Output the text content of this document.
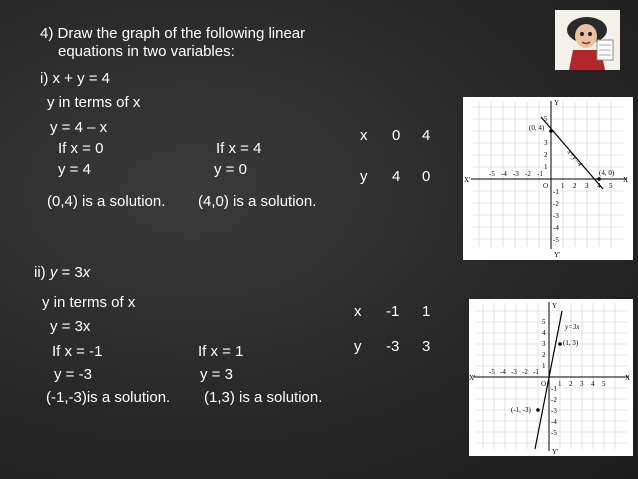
4) Draw the graph of the following linear
equations in two variables:
i) x + y = 4
y in terms of x
y = 4 – x
If x = 0
y = 4
If x = 4
y = 0
(0,4) is a solution. (4,0) is a solution.
x 0 4
y 4 0
(0, 4)
(4, 0)
x+y=4
X'	X
Y
Y'
O
-5 -4 -3 -2 -1
1 2 3 4 5
5
3
2
1
-1
-2
-3
-4
-5
ii) y = 3x
y in terms of x
y = 3x
If x = -1
y = -3
If x = 1
y = 3
(-1,-3)is a solution. (1,3) is a solution.
x -1 1
y -3 3	(1, 3)
(-1, -3)
y=3x
X'	X
Y
Y'
O
-5 -4 -3 -2 -1
1 2 3 4 5
5
4
3
2
1
-1
-2
-3
-4
-5
